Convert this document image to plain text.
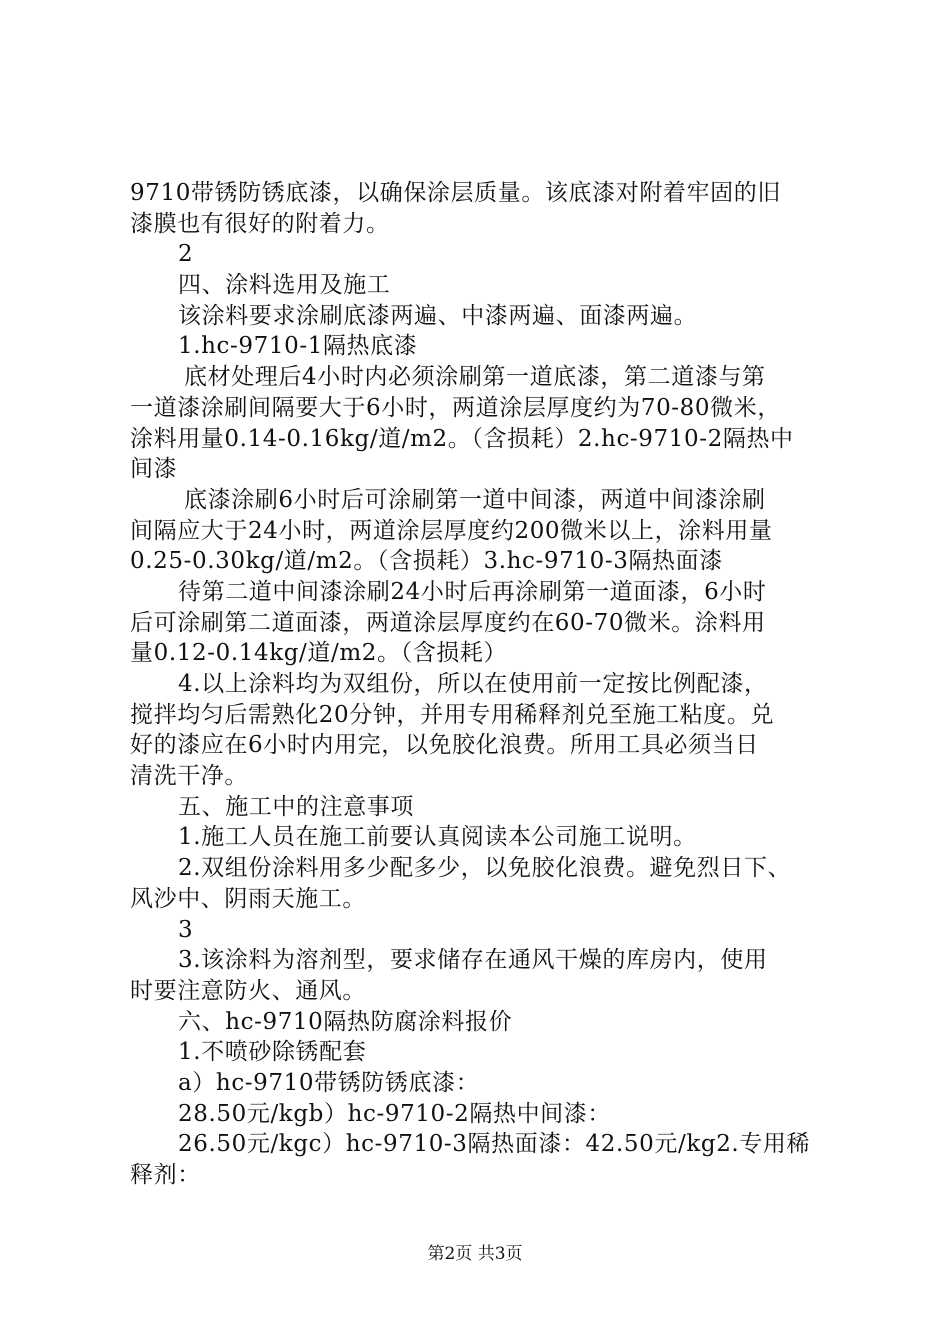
9710带锈防锈底漆，以确保涂层质量。该底漆对附着牢固的旧
漆膜也有很好的附着力。
2
四、涂料选用及施工
该涂料要求涂刷底漆两遍、中漆两遍、面漆两遍。
1.hc-9710-1隔热底漆
底材处理后4小时内必须涂刷第一道底漆，第二道漆与第
一道漆涂刷间隔要大于6小时，两道涂层厚度约为70-80微米，
涂料用量0.14-0.16kg/道/m2。（含损耗）2.hc-9710-2隔热中
间漆
底漆涂刷6小时后可涂刷第一道中间漆，两道中间漆涂刷
间隔应大于24小时，两道涂层厚度约200微米以上，涂料用量
0.25-0.30kg/道/m2。（含损耗）3.hc-9710-3隔热面漆
待第二道中间漆涂刷24小时后再涂刷第一道面漆，6小时
后可涂刷第二道面漆，两道涂层厚度约在60-70微米。涂料用
量0.12-0.14kg/道/m2。（含损耗）
4.以上涂料均为双组份，所以在使用前一定按比例配漆，
搅拌均匀后需熟化20分钟，并用专用稀释剂兑至施工粘度。兑
好的漆应在6小时内用完，以免胶化浪费。所用工具必须当日
清洗干净。
五、施工中的注意事项
1.施工人员在施工前要认真阅读本公司施工说明。
2.双组份涂料用多少配多少，以免胶化浪费。避免烈日下、
风沙中、阴雨天施工。
3
3.该涂料为溶剂型，要求储存在通风干燥的库房内，使用
时要注意防火、通风。
六、hc-9710隔热防腐涂料报价
1.不喷砂除锈配套
a）hc-9710带锈防锈底漆：
28.50元/kgb）hc-9710-2隔热中间漆：
26.50元/kgc）hc-9710-3隔热面漆：42.50元/kg2.专用稀
释剂：
第2页 共3页
